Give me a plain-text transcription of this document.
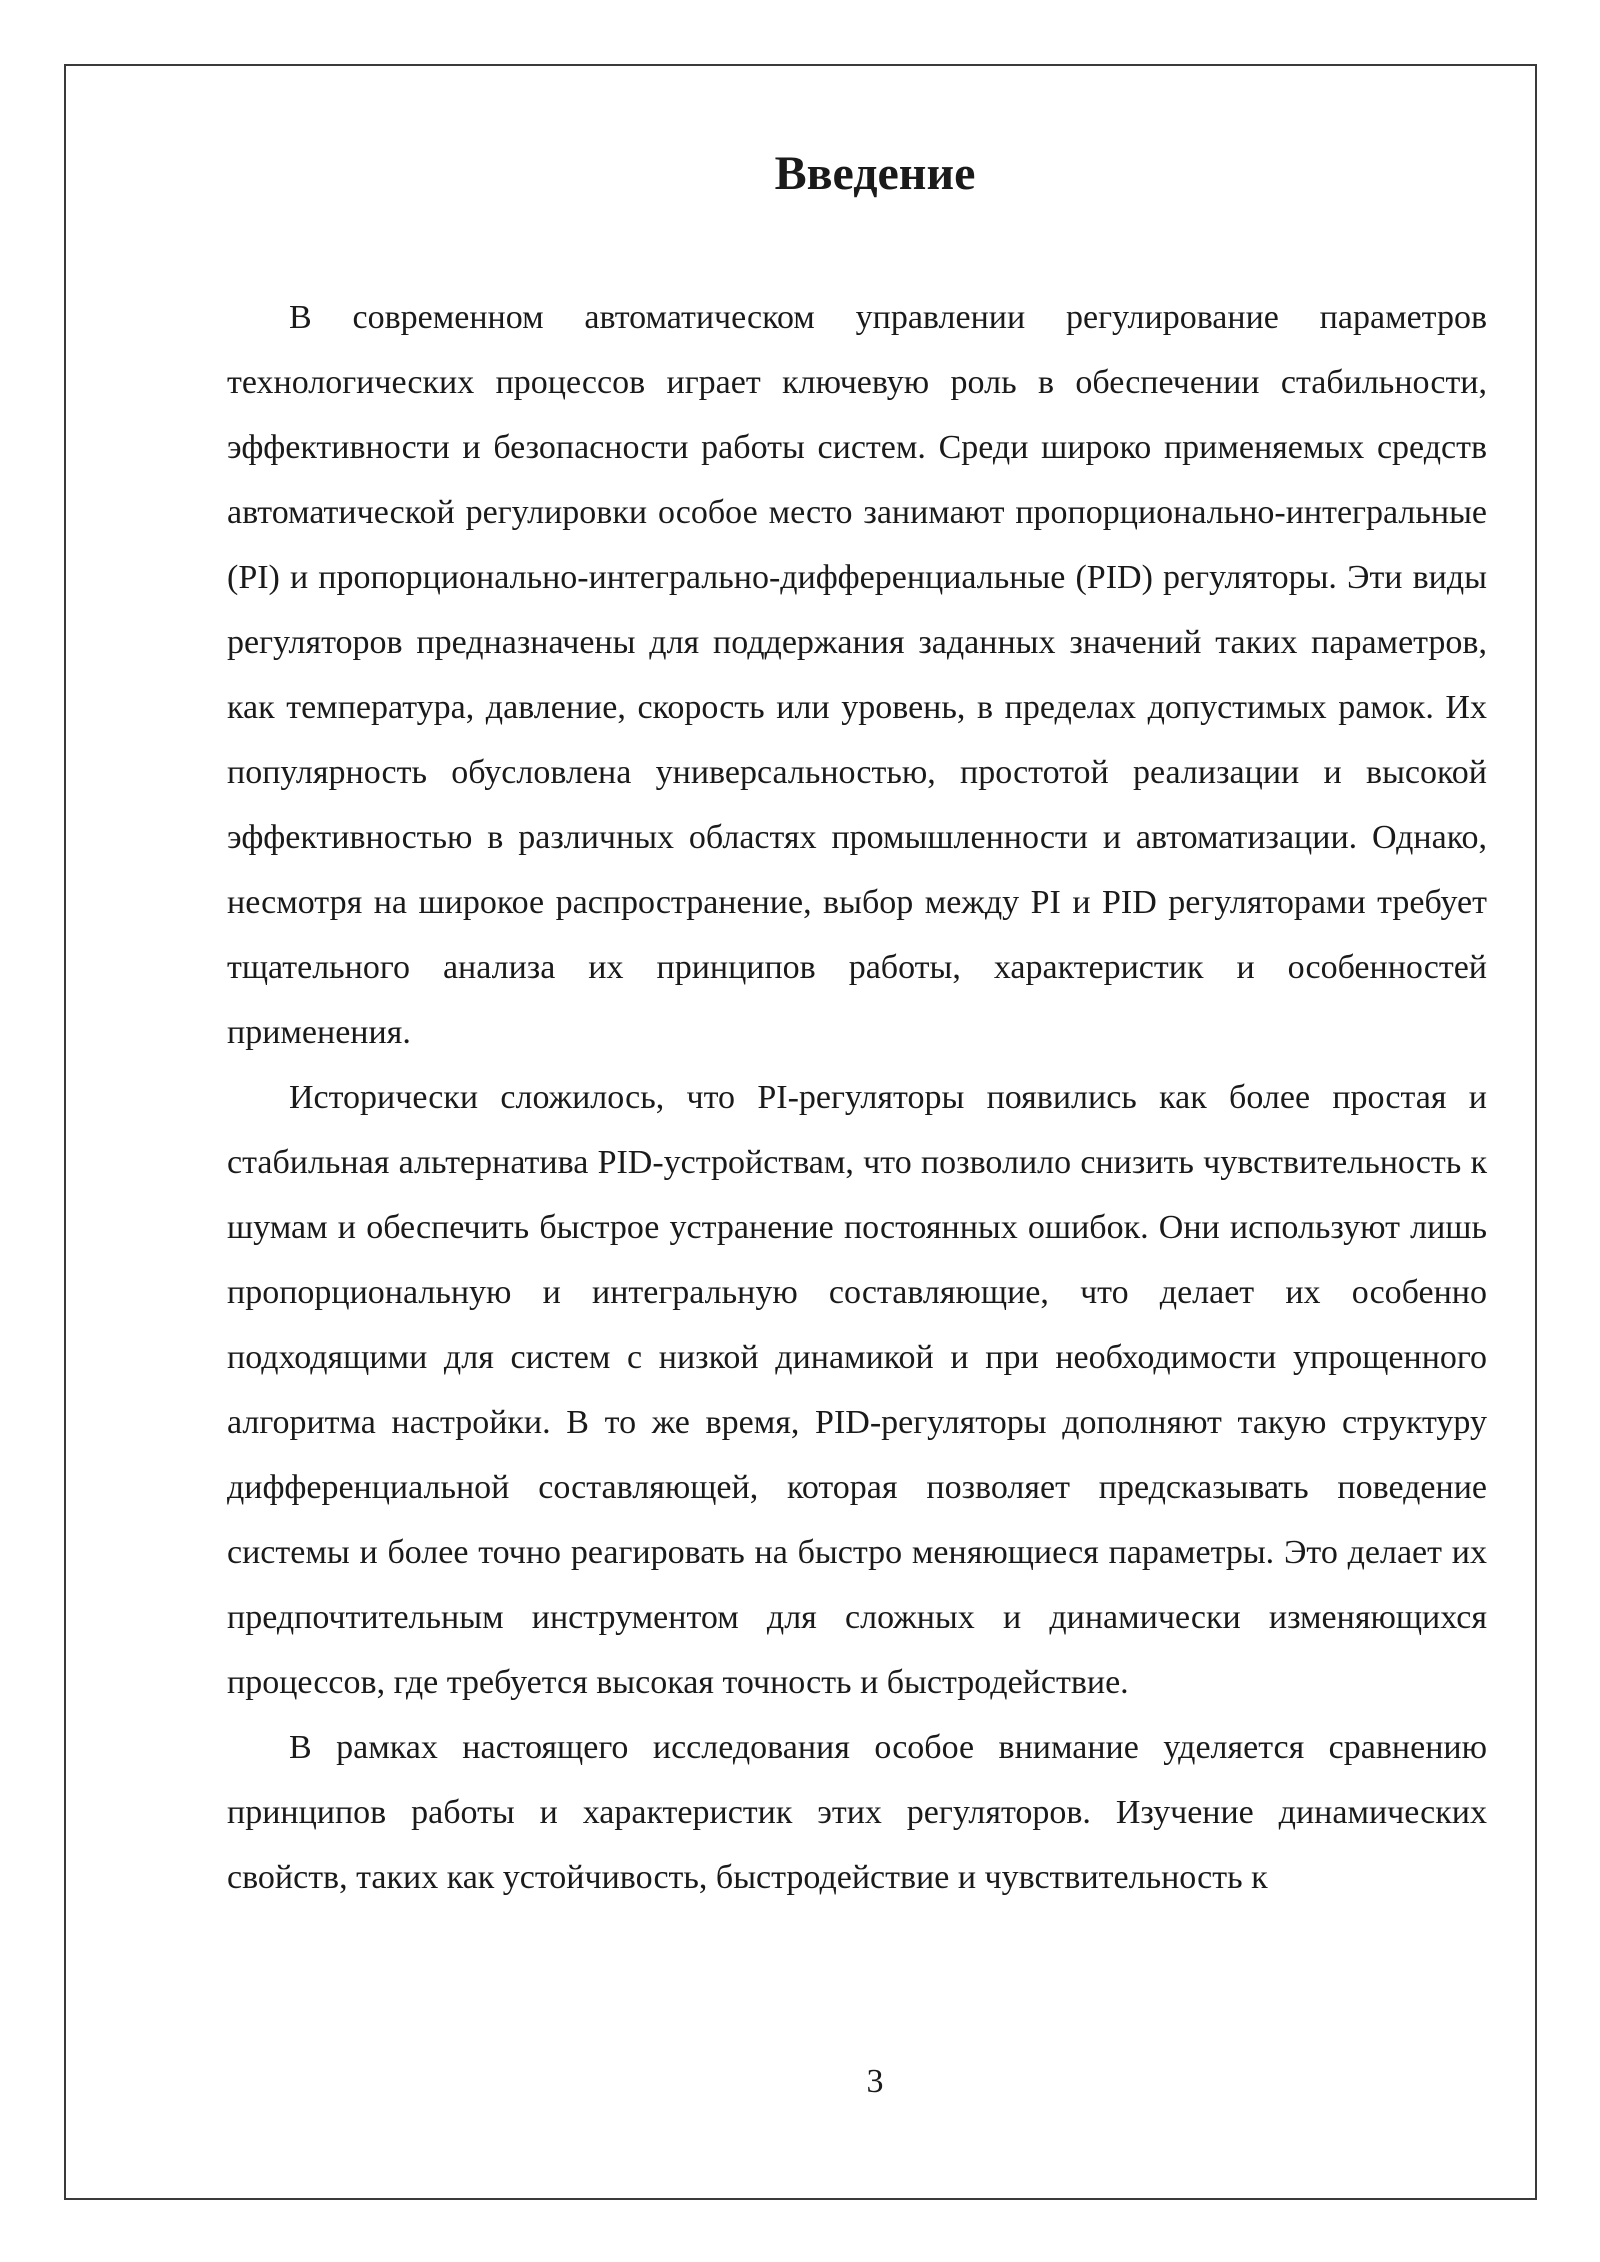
Введение

В современном автоматическом управлении регулирование параметров технологических процессов играет ключевую роль в обеспечении стабильности, эффективности и безопасности работы систем. Среди широко применяемых средств автоматической регулировки особое место занимают пропорционально-интегральные (PI) и пропорционально-интегрально-дифференциальные (PID) регуляторы. Эти виды регуляторов предназначены для поддержания заданных значений таких параметров, как температура, давление, скорость или уровень, в пределах допустимых рамок. Их популярность обусловлена универсальностью, простотой реализации и высокой эффективностью в различных областях промышленности и автоматизации. Однако, несмотря на широкое распространение, выбор между PI и PID регуляторами требует тщательного анализа их принципов работы, характеристик и особенностей применения.

Исторически сложилось, что PI-регуляторы появились как более простая и стабильная альтернатива PID-устройствам, что позволило снизить чувствительность к шумам и обеспечить быстрое устранение постоянных ошибок. Они используют лишь пропорциональную и интегральную составляющие, что делает их особенно подходящими для систем с низкой динамикой и при необходимости упрощенного алгоритма настройки. В то же время, PID-регуляторы дополняют такую структуру дифференциальной составляющей, которая позволяет предсказывать поведение системы и более точно реагировать на быстро меняющиеся параметры. Это делает их предпочтительным инструментом для сложных и динамически изменяющихся процессов, где требуется высокая точность и быстродействие.

В рамках настоящего исследования особое внимание уделяется сравнению принципов работы и характеристик этих регуляторов. Изучение динамических свойств, таких как устойчивость, быстродействие и чувствительность к

3
